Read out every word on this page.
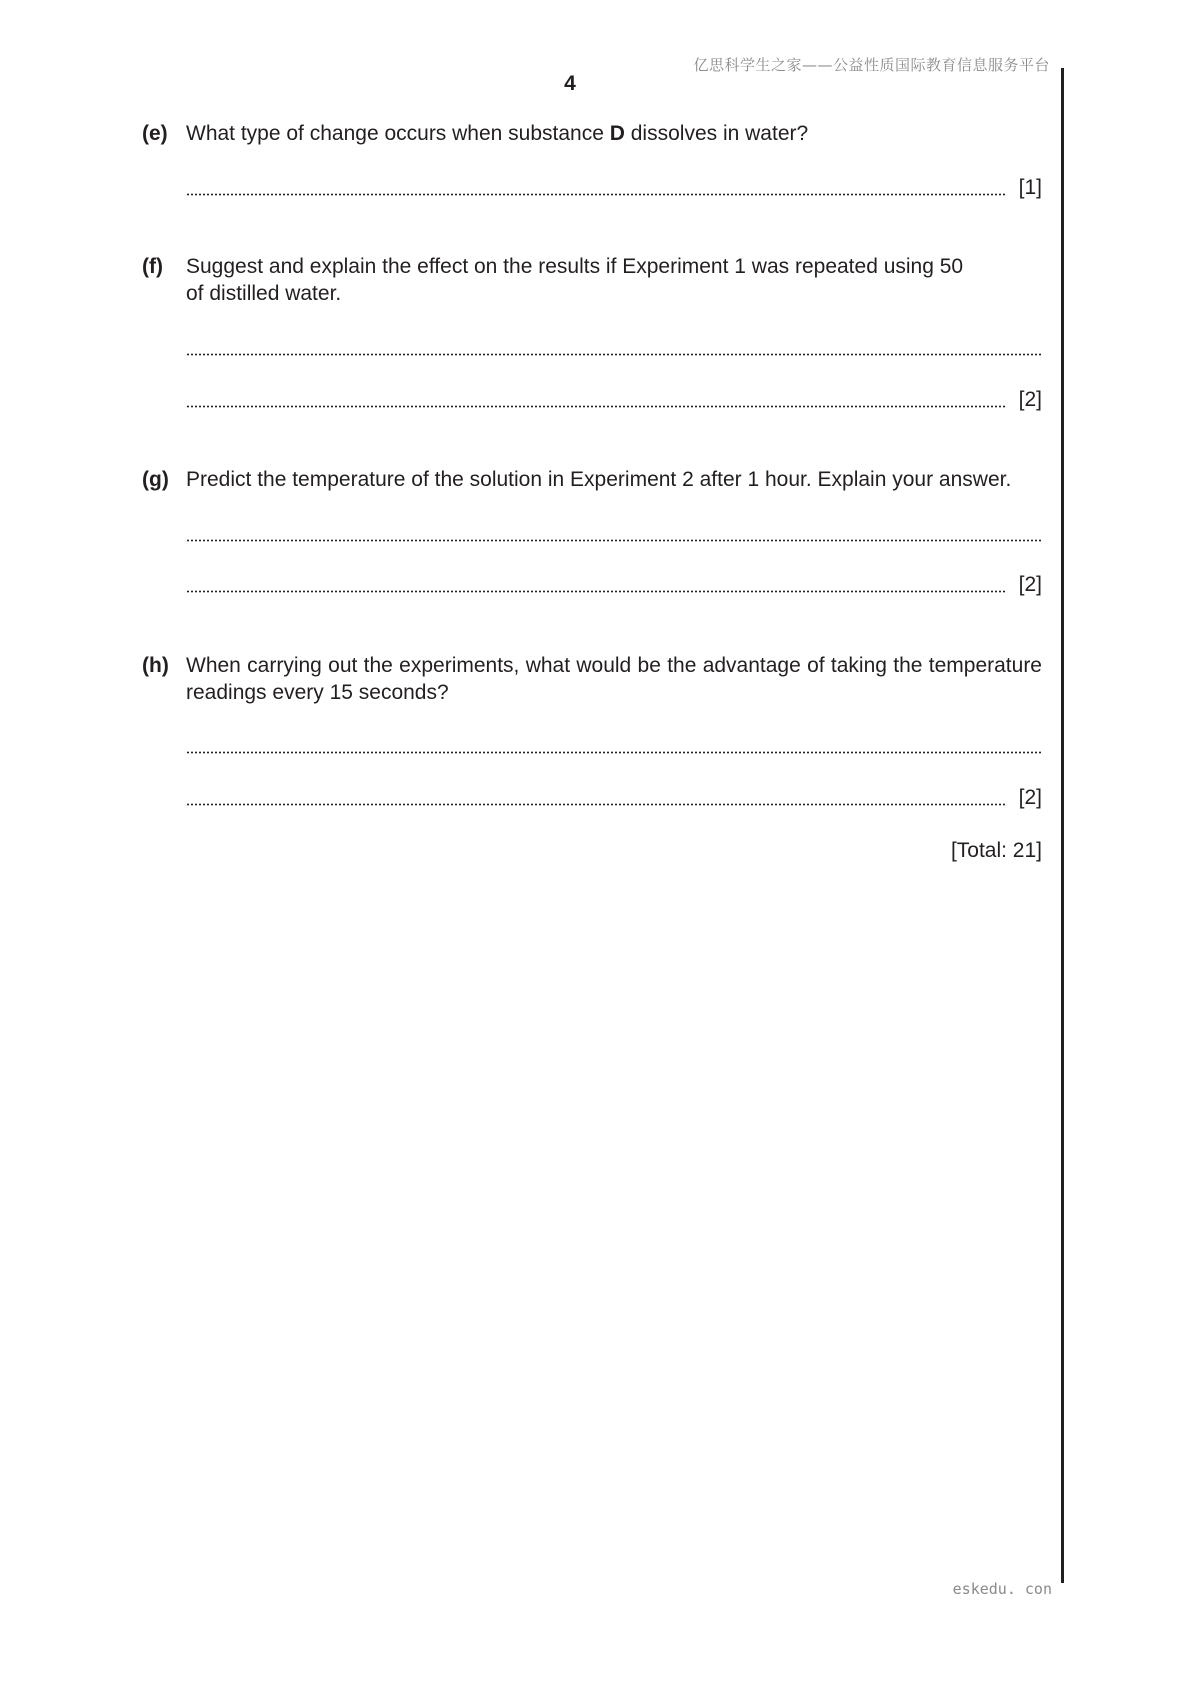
亿思科学生之家——公益性质国际教育信息服务平台
4
(e) What type of change occurs when substance D dissolves in water?
[1]
(f) Suggest and explain the effect on the results if Experiment 1 was repeated using 50 of distilled water.
[2]
(g) Predict the temperature of the solution in Experiment 2 after 1 hour. Explain your answer.
[2]
(h) When carrying out the experiments, what would be the advantage of taking the temperature readings every 15 seconds?
[2]
[Total: 21]
eskedu. con
